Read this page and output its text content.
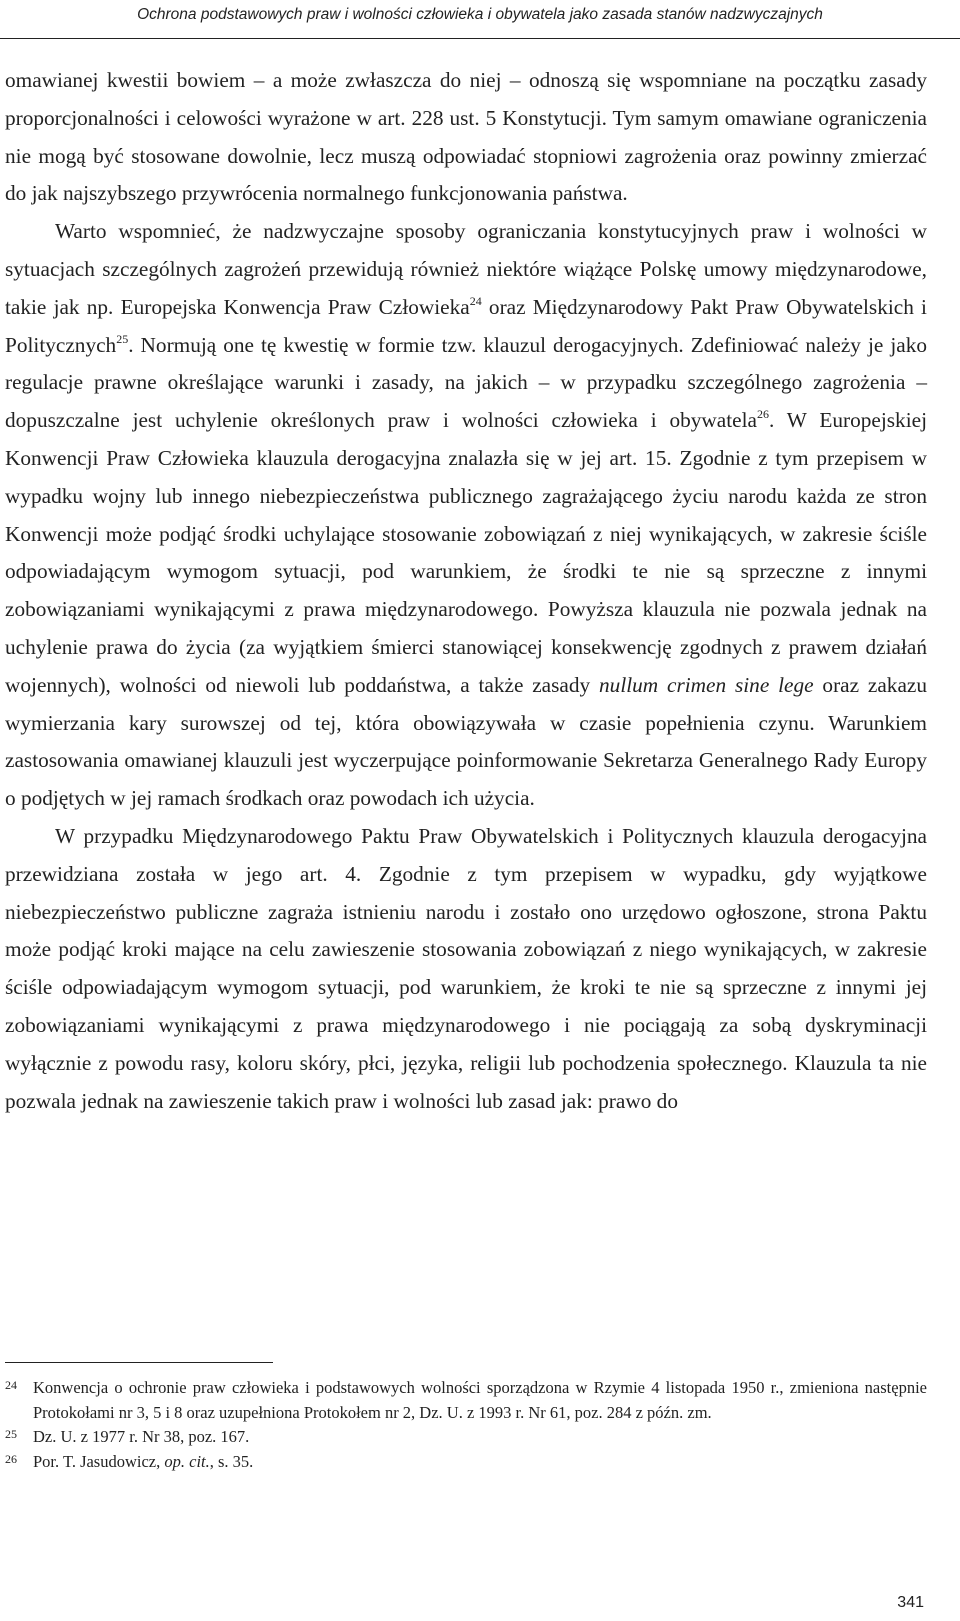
Ochrona podstawowych praw i wolności człowieka i obywatela jako zasada stanów nadzwyczajnych

omawianej kwestii bowiem – a może zwłaszcza do niej – odnoszą się wspomniane na początku zasady proporcjonalności i celowości wyrażone w art. 228 ust. 5 Konstytucji. Tym samym omawiane ograniczenia nie mogą być stosowane dowolnie, lecz muszą odpowiadać stopniowi zagrożenia oraz powinny zmierzać do jak najszybszego przywrócenia normalnego funkcjonowania państwa.

Warto wspomnieć, że nadzwyczajne sposoby ograniczania konstytucyjnych praw i wolności w sytuacjach szczególnych zagrożeń przewidują również niektóre wiążące Polskę umowy międzynarodowe, takie jak np. Europejska Konwencja Praw Człowieka$^{24}$ oraz Międzynarodowy Pakt Praw Obywatelskich i Politycznych$^{25}$. Normują one tę kwestię w formie tzw. klauzul derogacyjnych. Zdefiniować należy je jako regulacje prawne określające warunki i zasady, na jakich – w przypadku szczególnego zagrożenia – dopuszczalne jest uchylenie określonych praw i wolności człowieka i obywatela$^{26}$. W Europejskiej Konwencji Praw Człowieka klauzula derogacyjna znalazła się w jej art. 15. Zgodnie z tym przepisem w wypadku wojny lub innego niebezpieczeństwa publicznego zagrażającego życiu narodu każda ze stron Konwencji może podjąć środki uchylające stosowanie zobowiązań z niej wynikających, w zakresie ściśle odpowiadającym wymogom sytuacji, pod warunkiem, że środki te nie są sprzeczne z innymi zobowiązaniami wynikającymi z prawa międzynarodowego. Powyższa klauzula nie pozwala jednak na uchylenie prawa do życia (za wyjątkiem śmierci stanowiącej konsekwencję zgodnych z prawem działań wojennych), wolności od niewoli lub poddaństwa, a także zasady nullum crimen sine lege oraz zakazu wymierzania kary surowszej od tej, która obowiązywała w czasie popełnienia czynu. Warunkiem zastosowania omawianej klauzuli jest wyczerpujące poinformowanie Sekretarza Generalnego Rady Europy o podjętych w jej ramach środkach oraz powodach ich użycia.

W przypadku Międzynarodowego Paktu Praw Obywatelskich i Politycznych klauzula derogacyjna przewidziana została w jego art. 4. Zgodnie z tym przepisem w wypadku, gdy wyjątkowe niebezpieczeństwo publiczne zagraża istnieniu narodu i zostało ono urzędowo ogłoszone, strona Paktu może podjąć kroki mające na celu zawieszenie stosowania zobowiązań z niego wynikających, w zakresie ściśle odpowiadającym wymogom sytuacji, pod warunkiem, że kroki te nie są sprzeczne z innymi jej zobowiązaniami wynikającymi z prawa międzynarodowego i nie pociągają za sobą dyskryminacji wyłącznie z powodu rasy, koloru skóry, płci, języka, religii lub pochodzenia społecznego. Klauzula ta nie pozwala jednak na zawieszenie takich praw i wolności lub zasad jak: prawo do

24 Konwencja o ochronie praw człowieka i podstawowych wolności sporządzona w Rzymie 4 listopada 1950 r., zmieniona następnie Protokołami nr 3, 5 i 8 oraz uzupełniona Protokołem nr 2, Dz. U. z 1993 r. Nr 61, poz. 284 z późn. zm.
25 Dz. U. z 1977 r. Nr 38, poz. 167.
26 Por. T. Jasudowicz, op. cit., s. 35.
341
